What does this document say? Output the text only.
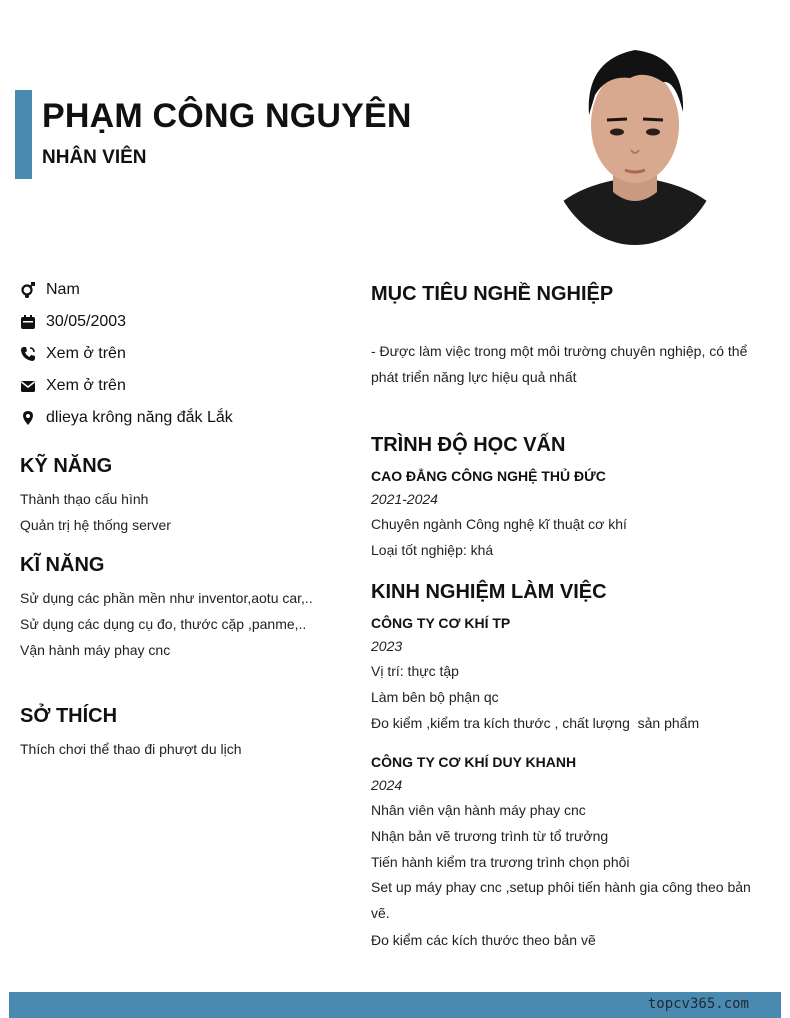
PHẠM CÔNG NGUYÊN
NHÂN VIÊN
Nam
30/05/2003
Xem ở trên
Xem ở trên
dlieya krông năng đắk Lắk
KỸ NĂNG
Thành thạo cấu hình
Quản trị hệ thống server
KĨ NĂNG
Sử dụng các phần mền như inventor,aotu car,..
Sử dụng các dụng cụ đo, thước cặp ,panme,..
Vận hành máy phay cnc
SỞ THÍCH
Thích chơi thể thao đi phượt du lịch
MỤC TIÊU NGHỀ NGHIỆP
- Được làm việc trong một môi trường chuyên nghiệp, có thể phát triển năng lực hiệu quả nhất
TRÌNH ĐỘ HỌC VẤN
CAO ĐẲNG CÔNG NGHỆ THỦ ĐỨC
2021-2024
Chuyên ngành Công nghệ kĩ thuật cơ khí
Loại tốt nghiệp: khá
KINH NGHIỆM LÀM VIỆC
CÔNG TY CƠ KHÍ TP
2023
Vị trí: thực tập
Làm bên bộ phận qc
Đo kiểm ,kiểm tra kích thước , chất lượng  sản phẩm
CÔNG TY CƠ KHÍ DUY KHANH
2024
Nhân viên vận hành máy phay cnc
Nhận bản vẽ trương trình từ tổ trưởng
Tiến hành kiểm tra trương trình chọn phôi
Set up máy phay cnc ,setup phôi tiến hành gia công theo bản vẽ.
Đo kiểm các kích thước theo bản vẽ
topcv365.com
